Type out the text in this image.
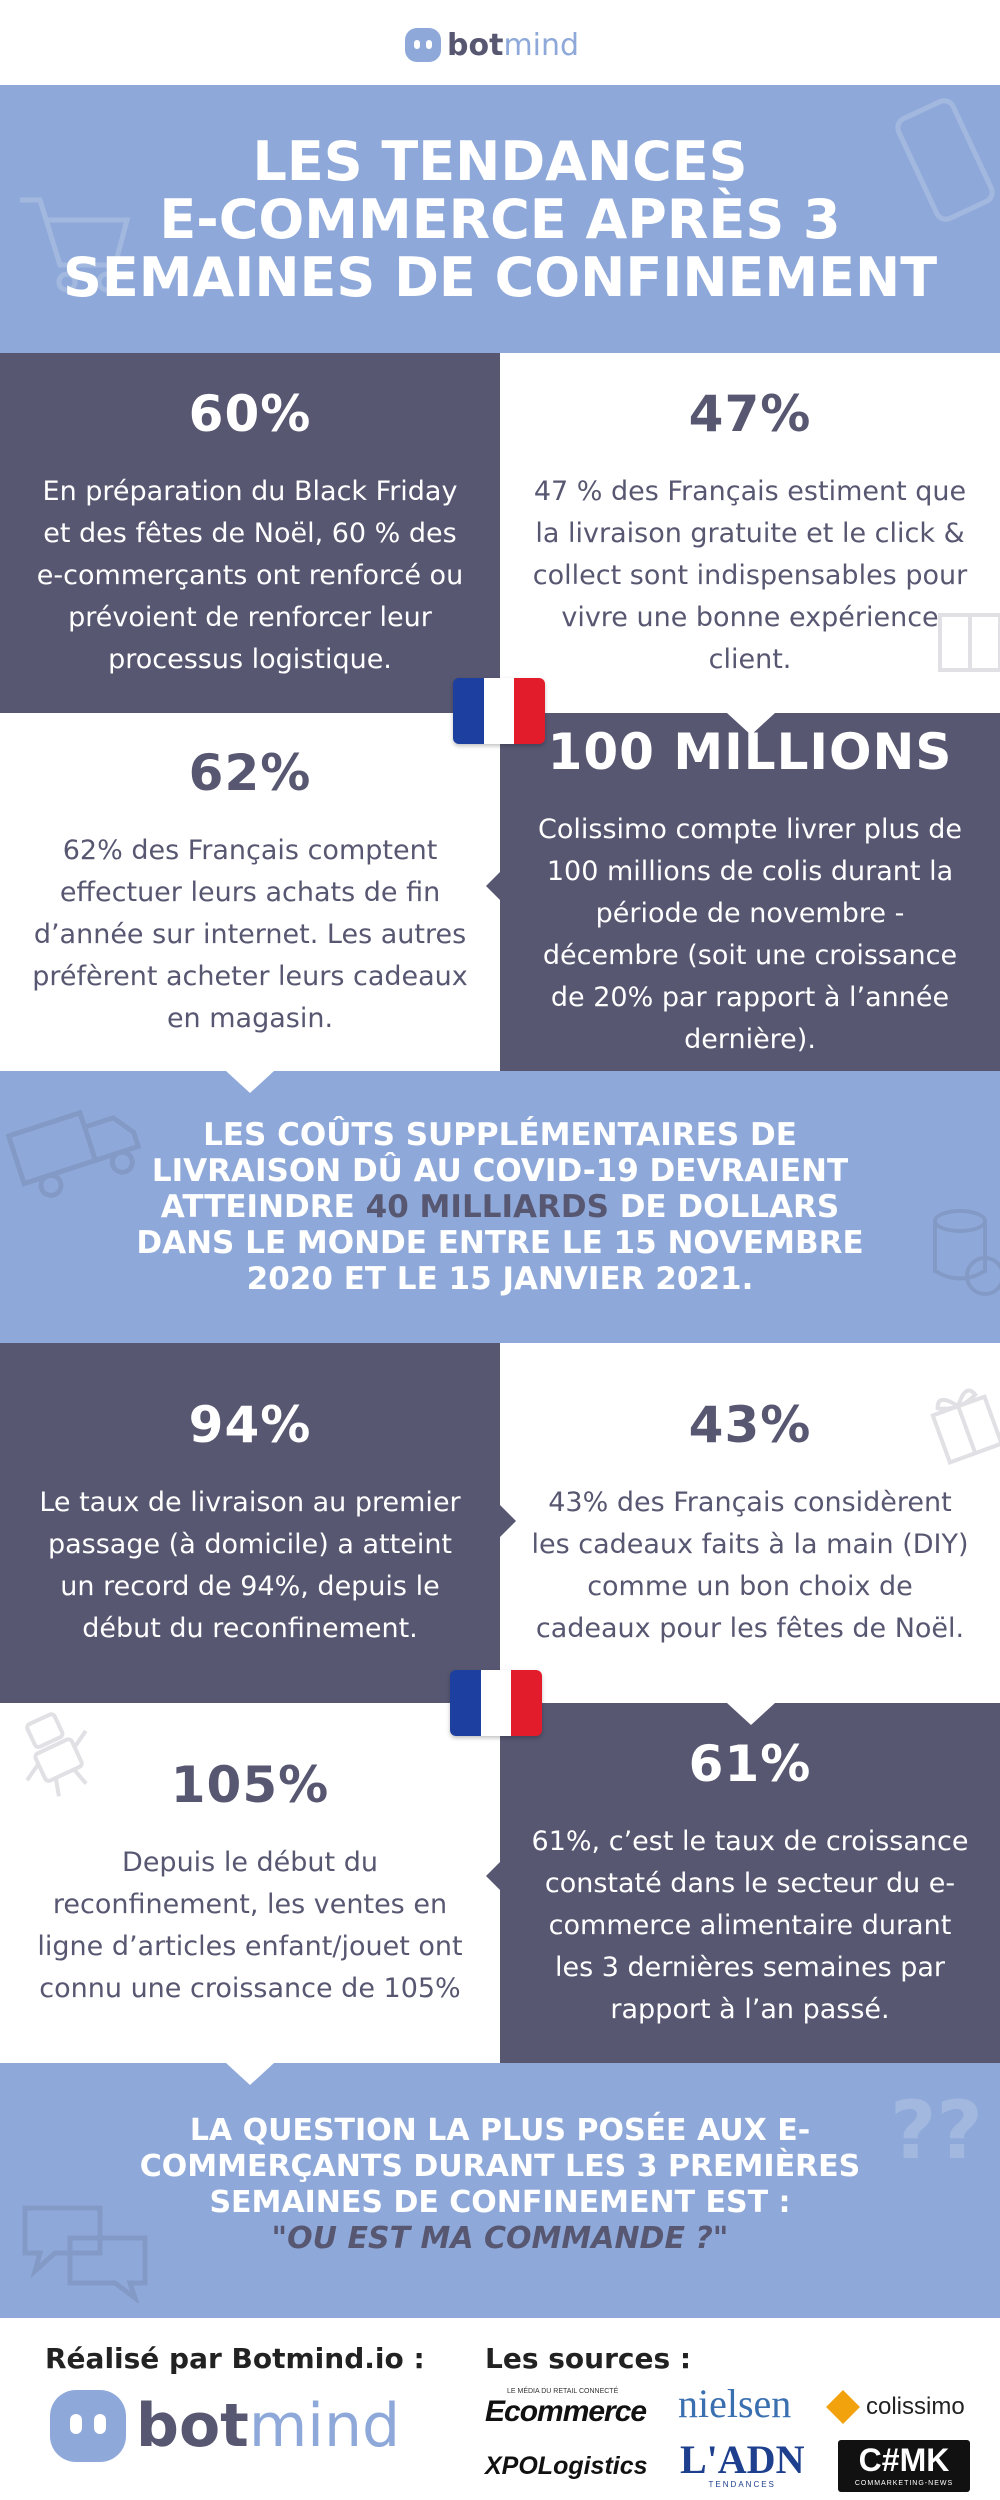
bot mind
LES TENDANCES
E-COMMERCE APRÈS 3
SEMAINES DE CONFINEMENT
60%
En préparation du Black Friday et des fêtes de Noël, 60 % des e-commerçants ont renforcé ou prévoient de renforcer leur processus logistique.
47%
47 % des Français estiment que la livraison gratuite et le click & collect sont indispensables pour vivre une bonne expérience client.
62%
62% des Français comptent effectuer leurs achats de fin d’année sur internet. Les autres préfèrent acheter leurs cadeaux en magasin.
100 MILLIONS
Colissimo compte livrer plus de 100 millions de colis durant la période de novembre - décembre (soit une croissance de 20% par rapport à l’année dernière).
LES COÛTS SUPPLÉMENTAIRES DE
LIVRAISON DÛ AU COVID-19 DEVRAIENT
ATTEINDRE 40 MILLIARDS DE DOLLARS
DANS LE MONDE ENTRE LE 15 NOVEMBRE
2020 ET LE 15 JANVIER 2021.
94%
Le taux de livraison au premier passage (à domicile) a atteint un record de 94%, depuis le début du reconfinement.
43%
43% des Français considèrent les cadeaux faits à la main (DIY) comme un bon choix de cadeaux pour les fêtes de Noël.
105%
Depuis le début du reconfinement, les ventes en ligne d’articles enfant/jouet ont connu une croissance de 105%
61%
61%, c’est le taux de croissance constaté dans le secteur du e-commerce alimentaire durant les 3 dernières semaines par rapport à l’an passé.
??
LA QUESTION LA PLUS POSÉE AUX E-
COMMERÇANTS DURANT LES 3 PREMIÈRES
SEMAINES DE CONFINEMENT EST :
"OU EST MA COMMANDE ?"
Réalisé par Botmind.io : Les sources :
bot mind	LE MÉDIA DU RETAIL CONNECTÉ
Ecommerce nielsen	colissimo
XPOLogistics L'ADN
TENDANCES
C#MK
COMMARKETING-NEWS
